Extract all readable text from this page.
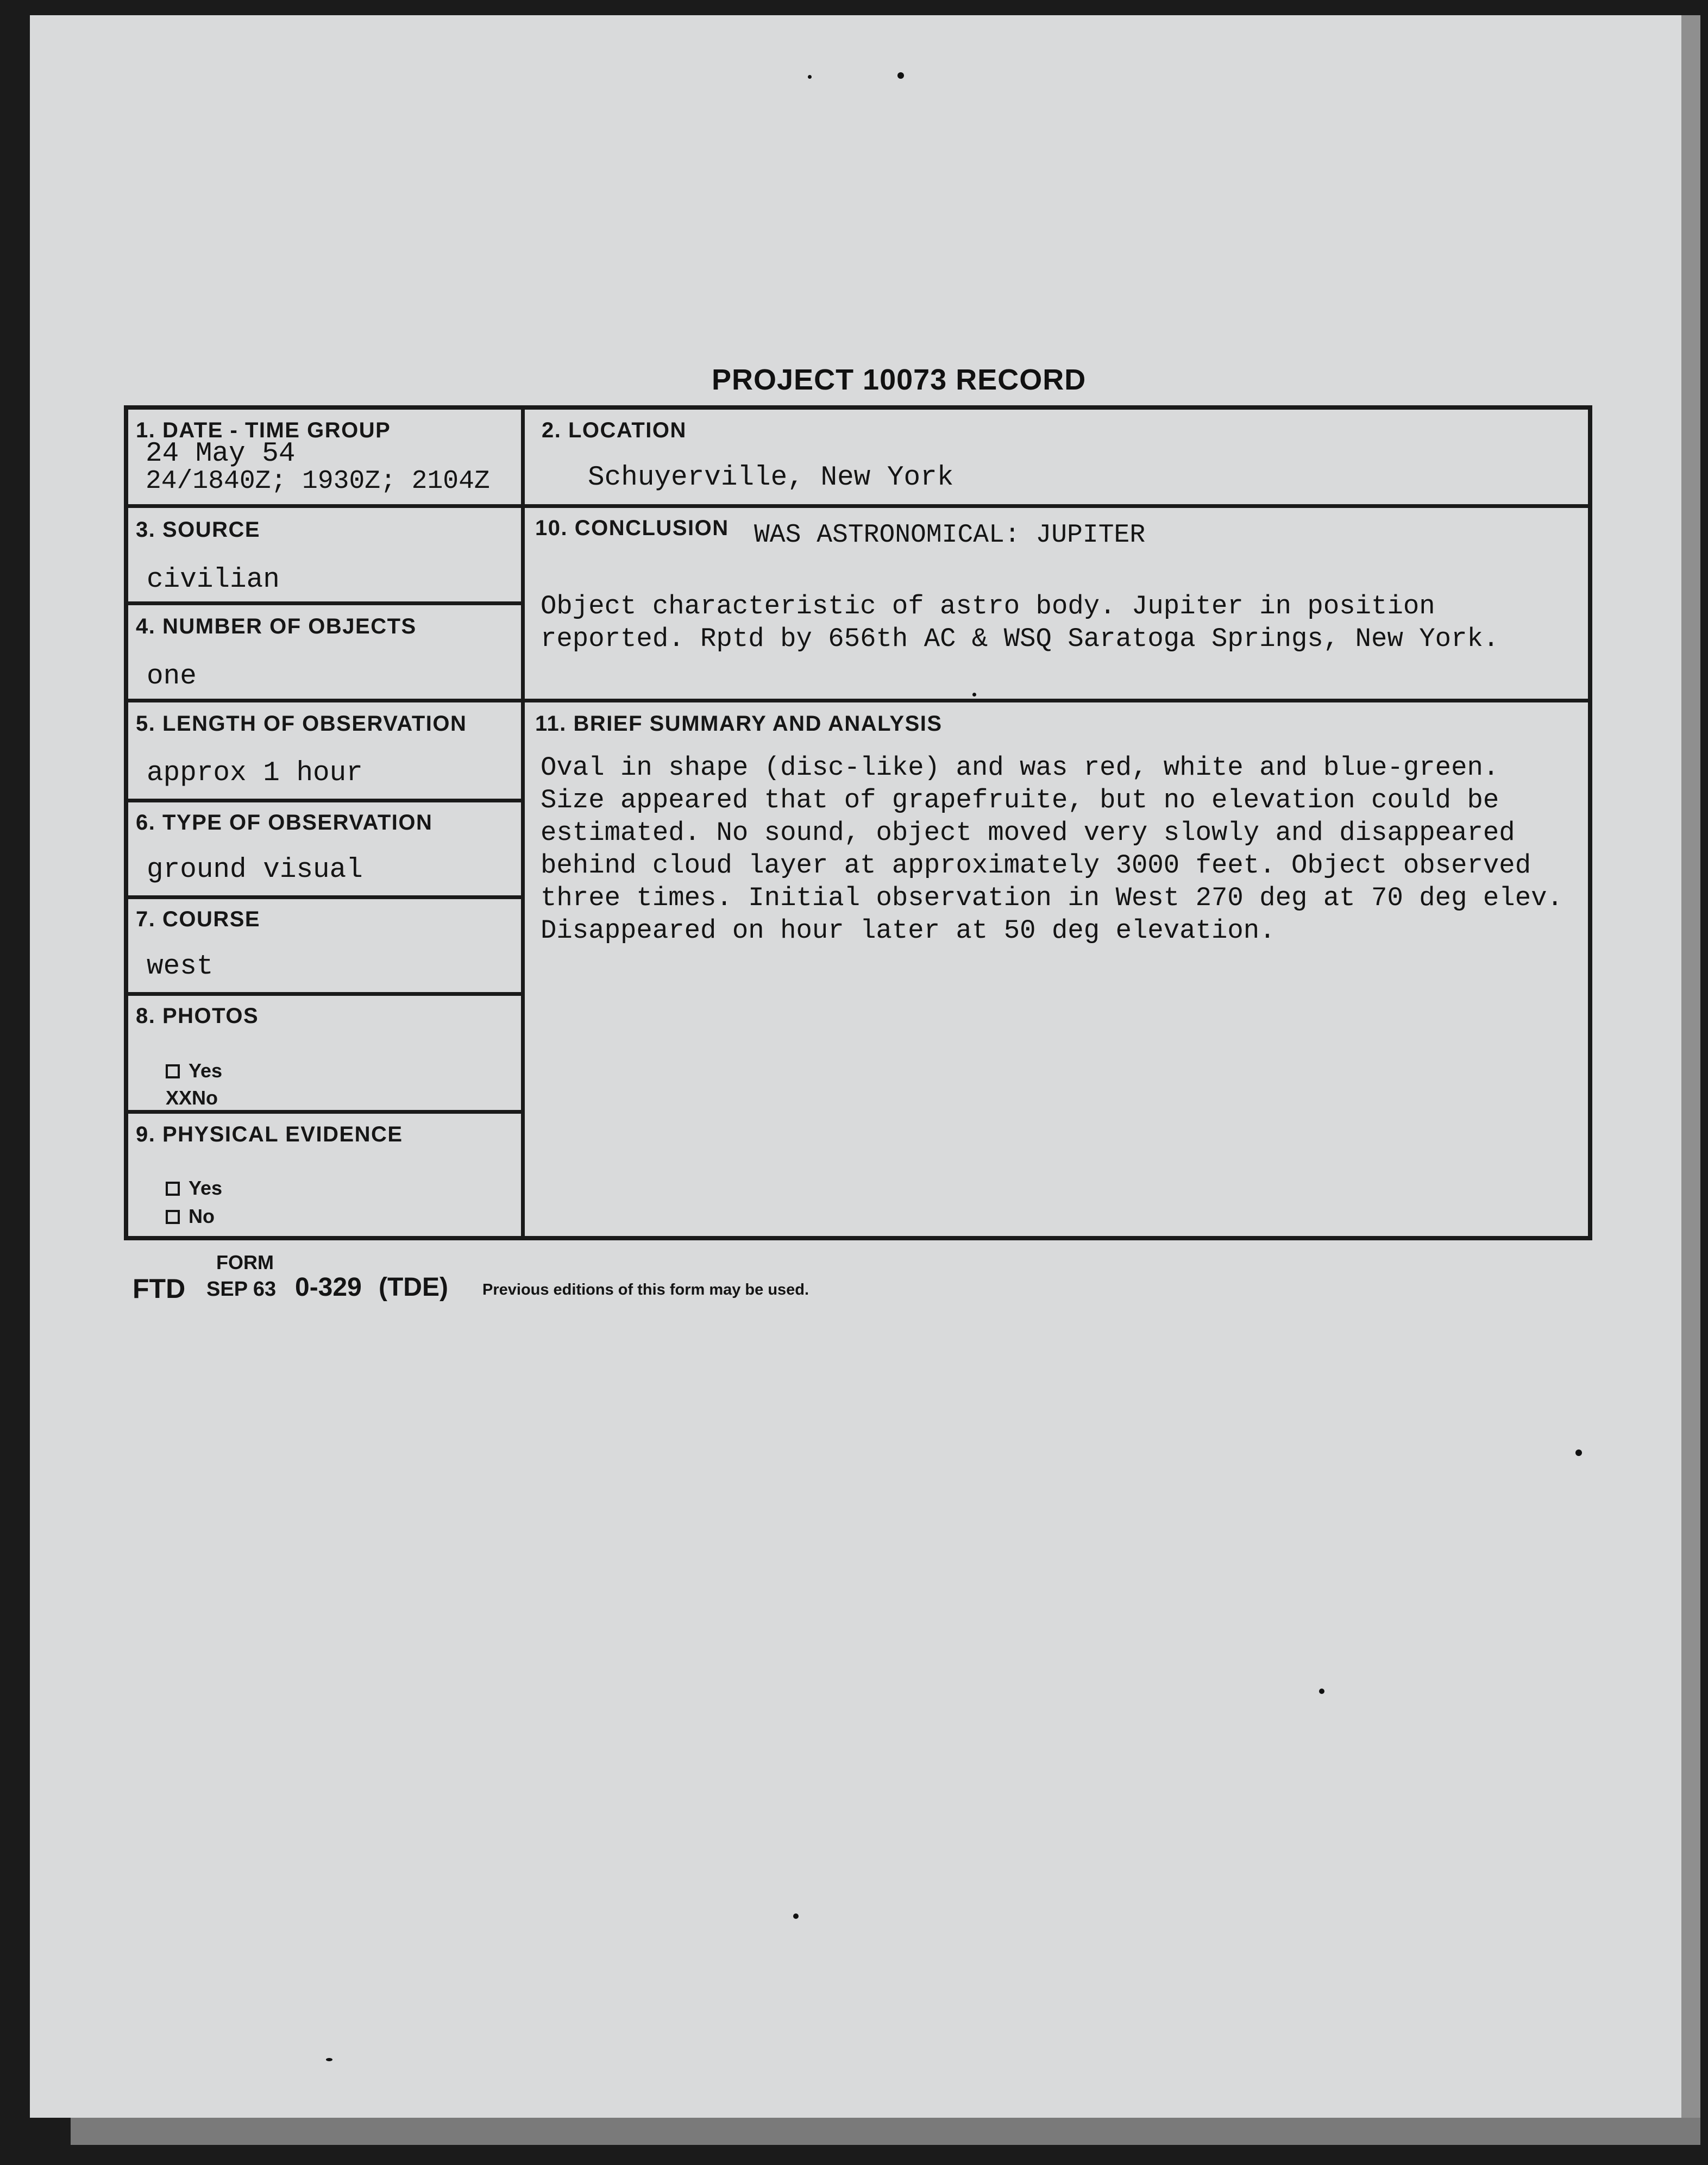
PROJECT 10073 RECORD
1. DATE - TIME GROUP
24 May 54
24/1840Z; 1930Z; 2104Z
2. LOCATION
Schuyerville, New York
3. SOURCE
civilian
4. NUMBER OF OBJECTS
one
5. LENGTH OF OBSERVATION
approx 1 hour
6. TYPE OF OBSERVATION
ground visual
7. COURSE
west
8. PHOTOS
Yes
XXNo
9. PHYSICAL EVIDENCE
Yes
No
10. CONCLUSION WAS ASTRONOMICAL: JUPITER
Object characteristic of astro body. Jupiter in position
reported. Rptd by 656th AC & WSQ Saratoga Springs, New York.
11. BRIEF SUMMARY AND ANALYSIS
Oval in shape (disc-like) and was red, white and blue-green.
Size appeared that of grapefruite, but no elevation could be
estimated. No sound, object moved very slowly and disappeared
behind cloud layer at approximately 3000 feet. Object observed
three times. Initial observation in West 270 deg at 70 deg elev.
Disappeared on hour later at 50 deg elevation.
FORM
FTD SEP 63 0-329 (TDE) Previous editions of this form may be used.
